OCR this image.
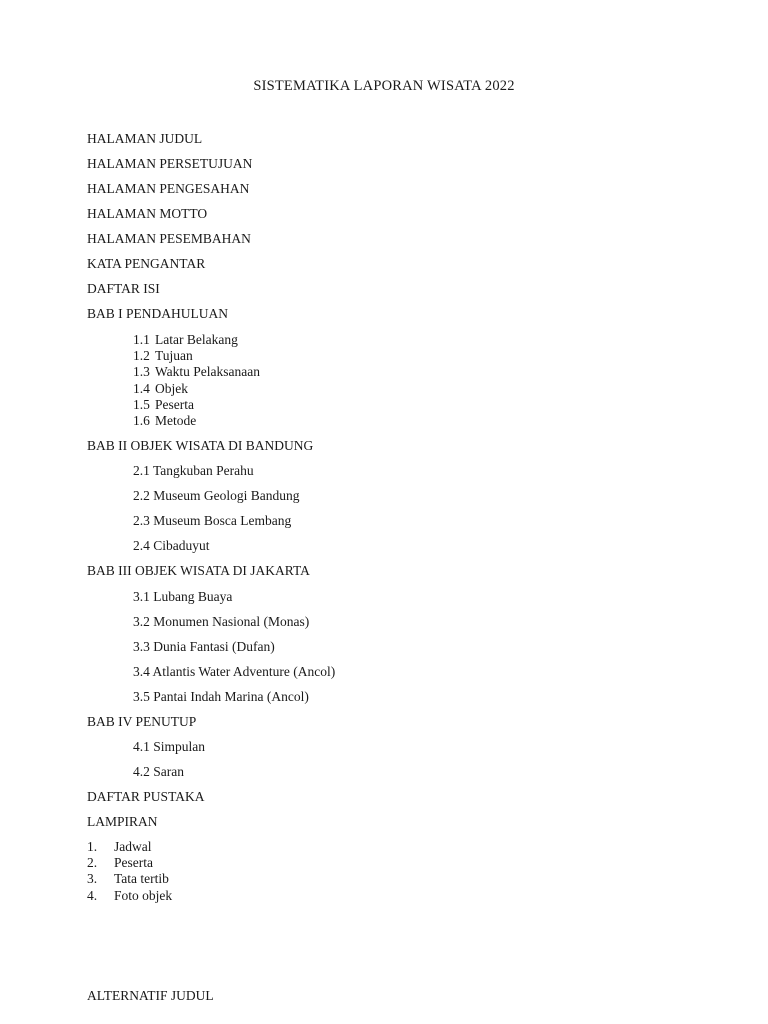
SISTEMATIKA LAPORAN WISATA 2022
HALAMAN JUDUL
HALAMAN PERSETUJUAN
HALAMAN PENGESAHAN
HALAMAN MOTTO
HALAMAN PESEMBAHAN
KATA PENGANTAR
DAFTAR ISI
BAB I PENDAHULUAN
1.1 Latar Belakang
1.2 Tujuan
1.3 Waktu Pelaksanaan
1.4 Objek
1.5 Peserta
1.6 Metode
BAB II OBJEK WISATA DI BANDUNG
2.1 Tangkuban Perahu
2.2 Museum Geologi Bandung
2.3 Museum Bosca Lembang
2.4 Cibaduyut
BAB III OBJEK WISATA DI JAKARTA
3.1 Lubang Buaya
3.2 Monumen Nasional (Monas)
3.3 Dunia Fantasi (Dufan)
3.4 Atlantis Water Adventure (Ancol)
3.5 Pantai Indah Marina (Ancol)
BAB IV PENUTUP
4.1 Simpulan
4.2 Saran
DAFTAR PUSTAKA
LAMPIRAN
1. Jadwal
2. Peserta
3. Tata tertib
4. Foto objek
ALTERNATIF JUDUL
